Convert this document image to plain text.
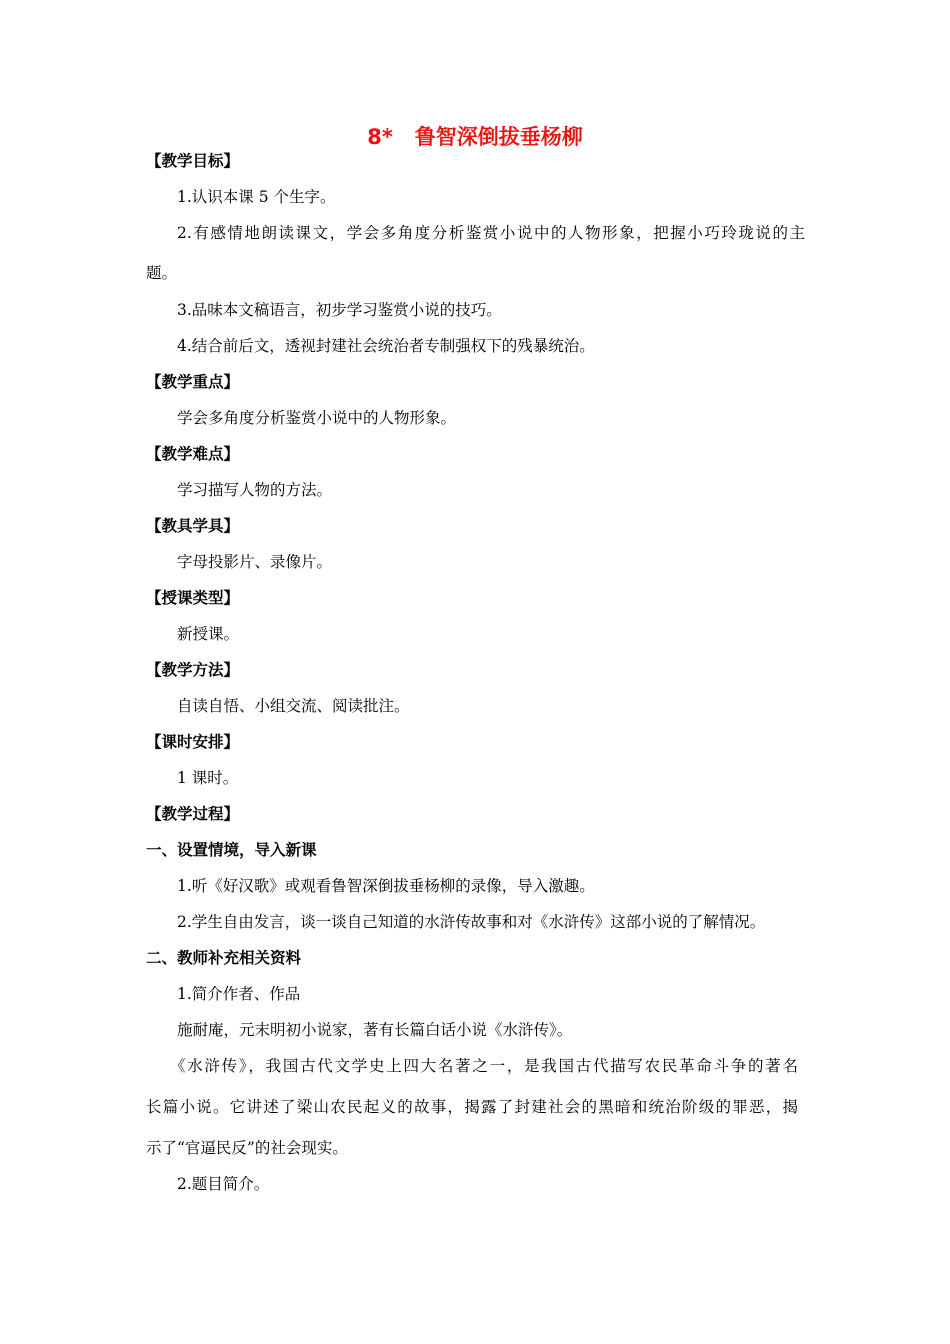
8*   鲁智深倒拔垂杨柳
【教学目标】
1.认识本课 5 个生字。
2.有感情地朗读课文，学会多角度分析鉴赏小说中的人物形象，把握小巧玲珑说的主
题。
3.品味本文稿语言，初步学习鉴赏小说的技巧。
4.结合前后文，透视封建社会统治者专制强权下的残暴统治。
【教学重点】
学会多角度分析鉴赏小说中的人物形象。
【教学难点】
学习描写人物的方法。
【教具学具】
字母投影片、录像片。
【授课类型】
新授课。
【教学方法】
自读自悟、小组交流、阅读批注。
【课时安排】
1 课时。
【教学过程】
一、设置情境，导入新课
1.听《好汉歌》或观看鲁智深倒拔垂杨柳的录像，导入激趣。
2.学生自由发言，谈一谈自己知道的水浒传故事和对《水浒传》这部小说的了解情况。
二、教师补充相关资料
1.简介作者、作品
施耐庵，元末明初小说家，著有长篇白话小说《水浒传》。
《水浒传》，我国古代文学史上四大名著之一，是我国古代描写农民革命斗争的著名
长篇小说。它讲述了梁山农民起义的故事，揭露了封建社会的黑暗和统治阶级的罪恶，揭
示了“官逼民反”的社会现实。
2.题目简介。
